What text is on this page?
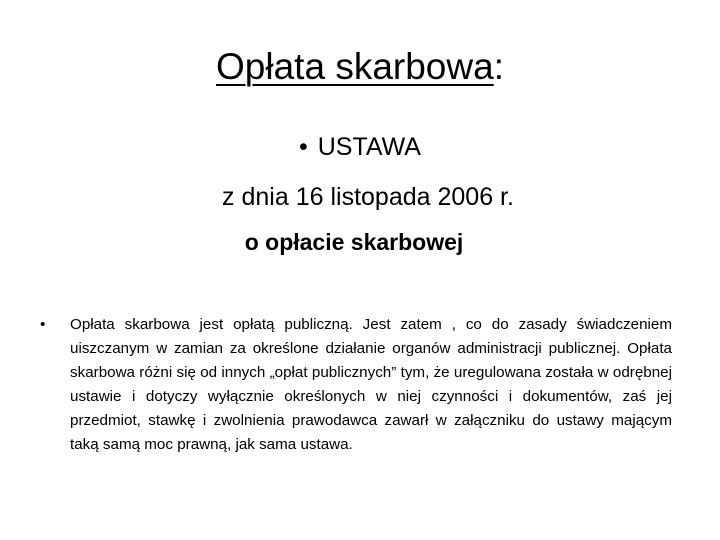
Opłata skarbowa:
• USTAWA
z dnia 16 listopada 2006 r.
o opłacie skarbowej
• Opłata skarbowa jest opłatą publiczną. Jest zatem , co do zasady świadczeniem uiszczanym w zamian za określone działanie organów administracji publicznej. Opłata skarbowa różni się od innych „opłat publicznych” tym, że uregulowana została w odrębnej ustawie i dotyczy wyłącznie określonych w niej czynności i dokumentów, zaś jej przedmiot, stawkę i zwolnienia prawodawca zawarł w załączniku do ustawy mającym taką samą moc prawną, jak sama ustawa.
